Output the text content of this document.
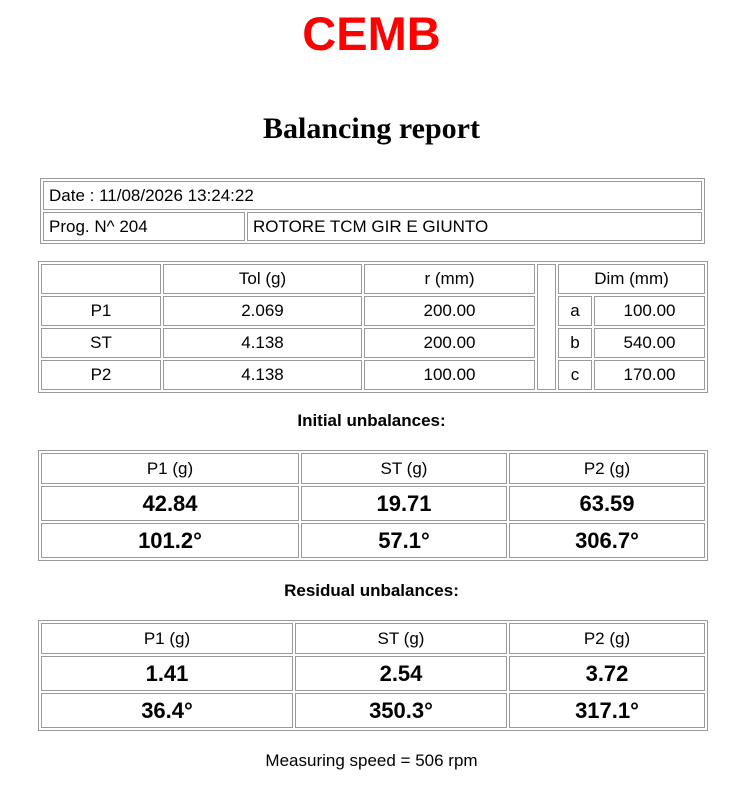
CEMB
Balancing report
Date : 11/08/2026 13:24:22
Prog. N^ 204	ROTORE TCM GIR E GIUNTO
	Tol (g)	r (mm)		Dim (mm)	
P1	2.069	200.00		a	100.00
ST	4.138	200.00		b	540.00
P2	4.138	100.00		c	170.00
Initial unbalances:
P1 (g)	ST (g)	P2 (g)
42.84	19.71	63.59
101.2°	57.1°	306.7°
Residual unbalances:
P1 (g)	ST (g)	P2 (g)
1.41	2.54	3.72
36.4°	350.3°	317.1°
Measuring speed = 506 rpm
